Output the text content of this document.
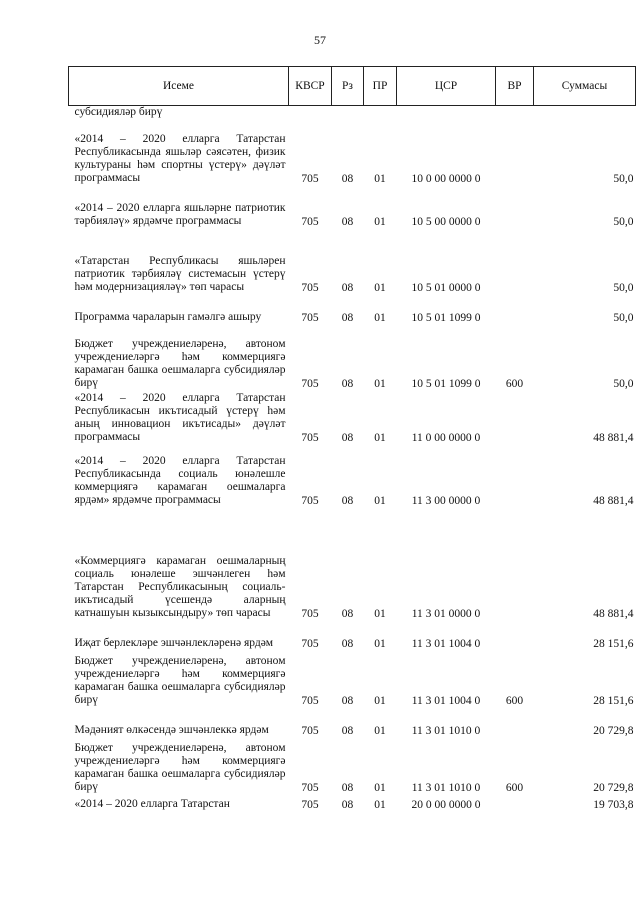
57
Исеме	КВСР	Рз	ПР	ЦСР	ВР	Суммасы
субсидияләр бирү						
«2014 – 2020 елларга Татарстан Республикасында яшьләр сәясәтен, физик культураны һәм спортны үстерү» дәүләт программасы	705	08	01	10 0 00 0000 0		50,0
«2014 – 2020 елларга яшьләрне патриотик тәрбияләү» ярдәмче программасы	705	08	01	10 5 00 0000 0		50,0
«Татарстан Республикасы яшьләрен патриотик тәрбияләү системасын үстерү һәм модернизацияләү» төп чарасы	705	08	01	10 5 01 0000 0		50,0
Программа чараларын гамәлгә ашыру	705	08	01	10 5 01 1099 0		50,0
Бюджет учреждениеләренә, автоном учреждениеләргә һәм коммерциягә карамаган башка оешмаларга субсидияләр бирү	705	08	01	10 5 01 1099 0	600	50,0
«2014 – 2020 елларга Татарстан Республикасын икътисадый үстерү һәм аның инновацион икътисады» дәүләт программасы	705	08	01	11 0 00 0000 0		48 881,4
«2014 – 2020 елларга Татарстан Республикасында социаль юнәлешле коммерциягә карамаган оешмаларга ярдәм» ярдәмче программасы	705	08	01	11 3 00 0000 0		48 881,4
«Коммерциягә карамаган оешмаларның социаль юнәлеше эшчәнлеген һәм Татарстан Республикасының социаль-икътисадый үсешендә аларның катнашуын кызыксындыру» төп чарасы	705	08	01	11 3 01 0000 0		48 881,4
Иҗат берлекләре эшчәнлекләренә ярдәм	705	08	01	11 3 01 1004 0		28 151,6
Бюджет учреждениеләренә, автоном учреждениеләргә һәм коммерциягә карамаган башка оешмаларга субсидияләр бирү	705	08	01	11 3 01 1004 0	600	28 151,6
Мәдәният өлкәсендә эшчәнлеккә ярдәм	705	08	01	11 3 01 1010 0		20 729,8
Бюджет учреждениеләренә, автоном учреждениеләргә һәм коммерциягә карамаган башка оешмаларга субсидияләр бирү	705	08	01	11 3 01 1010 0	600	20 729,8
«2014 – 2020 елларга Татарстан	705	08	01	20 0 00 0000 0		19 703,8
